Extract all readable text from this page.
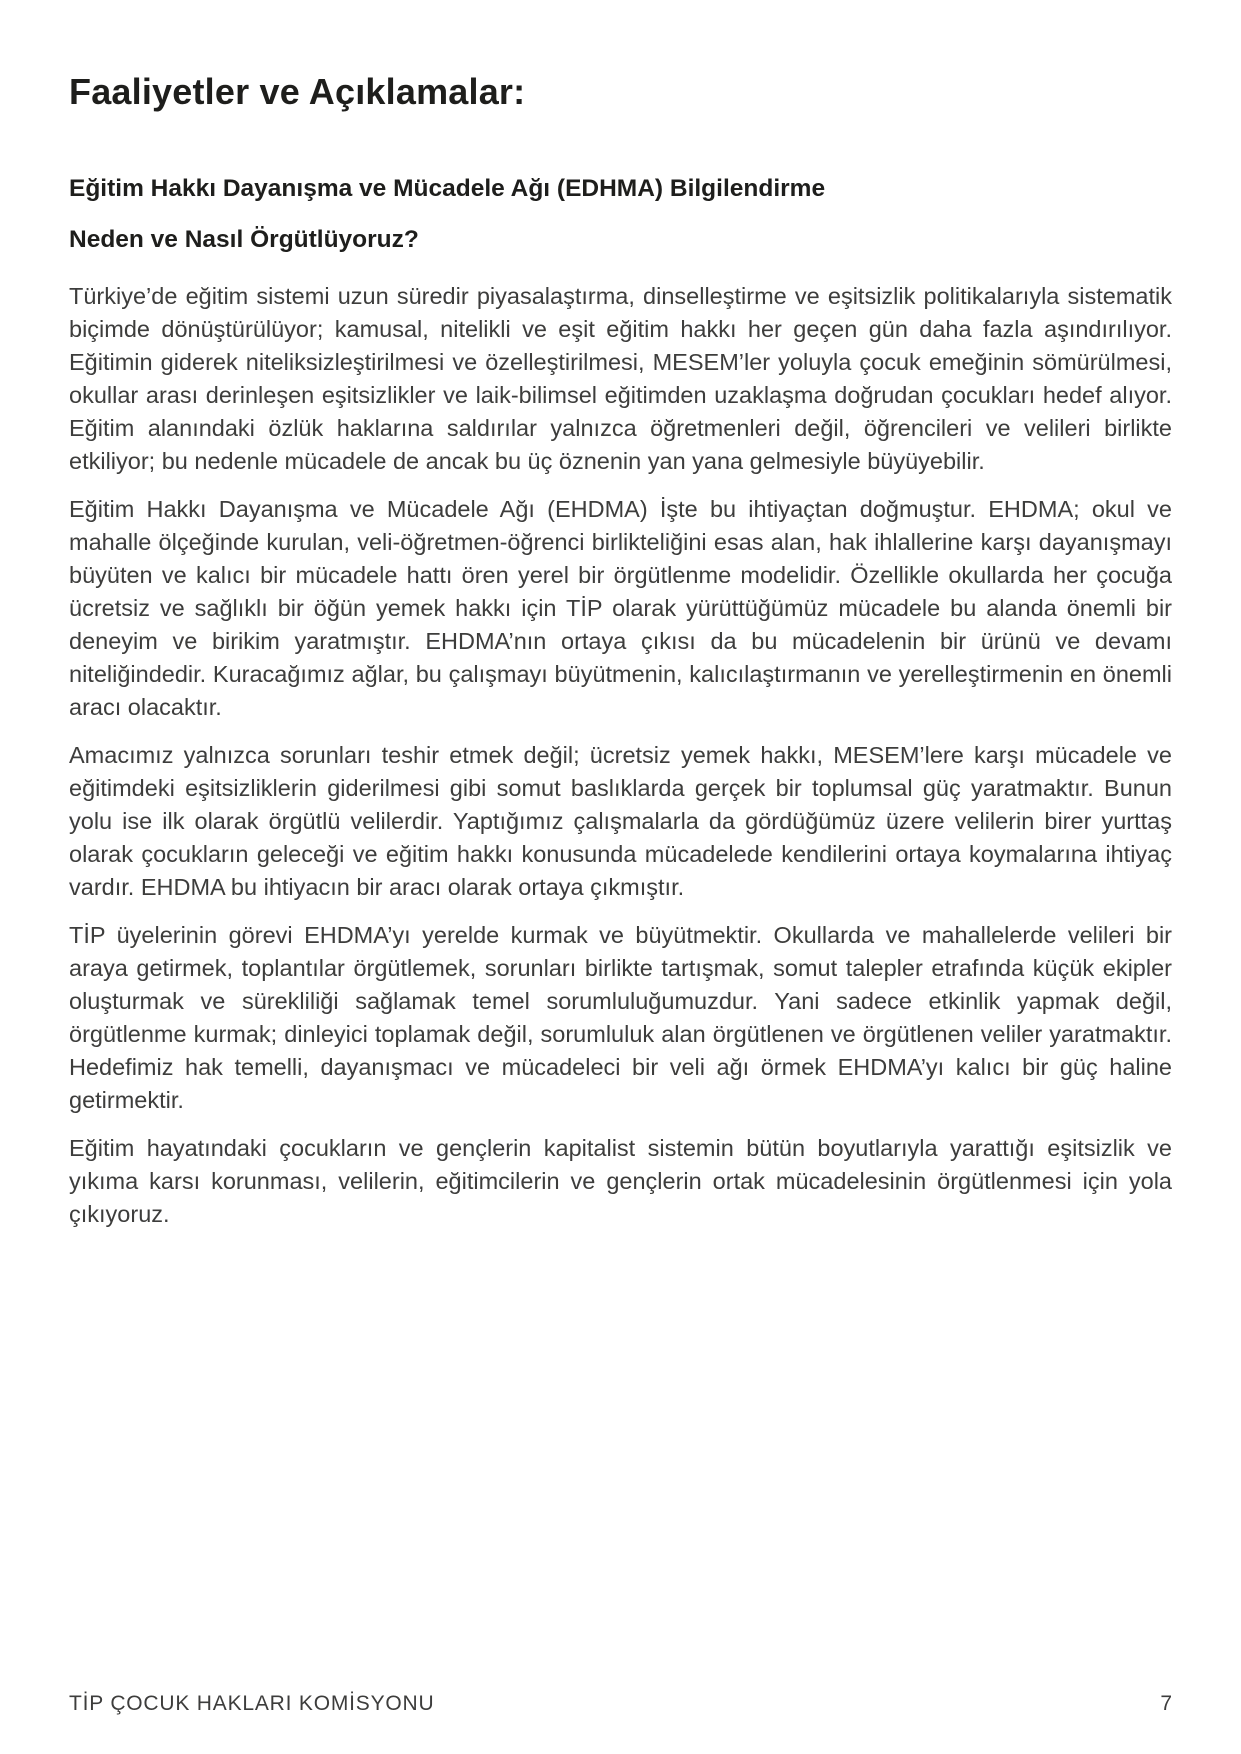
Faaliyetler ve Açıklamalar:
Eğitim Hakkı Dayanışma ve Mücadele Ağı (EDHMA) Bilgilendirme
Neden ve Nasıl Örgütlüyoruz?

Türkiye’de eğitim sistemi uzun süredir piyasalaştırma, dinselleştirme ve eşitsizlik politikalarıyla sistematik biçimde dönüştürülüyor; kamusal, nitelikli ve eşit eğitim hakkı her geçen gün daha fazla aşındırılıyor. Eğitimin giderek niteliksizleştirilmesi ve özelleştirilmesi, MESEM’ler yoluyla çocuk emeğinin sömürülmesi, okullar arası derinleşen eşitsizlikler ve laik-bilimsel eğitimden uzaklaşma doğrudan çocukları hedef alıyor. Eğitim alanındaki özlük haklarına saldırılar yalnızca öğretmenleri değil, öğrencileri ve velileri birlikte etkiliyor; bu nedenle mücadele de ancak bu üç öznenin yan yana gelmesiyle büyüyebilir.

Eğitim Hakkı Dayanışma ve Mücadele Ağı (EHDMA) İşte bu ihtiyaçtan doğmuştur. EHDMA; okul ve mahalle ölçeğinde kurulan, veli-öğretmen-öğrenci birlikteliğini esas alan, hak ihlallerine karşı dayanışmayı büyüten ve kalıcı bir mücadele hattı ören yerel bir örgütlenme modelidir. Özellikle okullarda her çocuğa ücretsiz ve sağlıklı bir öğün yemek hakkı için TİP olarak yürüttüğümüz mücadele bu alanda önemli bir deneyim ve birikim yaratmıştır. EHDMA’nın ortaya çıkısı da bu mücadelenin bir ürünü ve devamı niteliğindedir. Kuracağımız ağlar, bu çalışmayı büyütmenin, kalıcılaştırmanın ve yerelleştirmenin en önemli aracı olacaktır.

Amacımız yalnızca sorunları teshir etmek değil; ücretsiz yemek hakkı, MESEM’lere karşı mücadele ve eğitimdeki eşitsizliklerin giderilmesi gibi somut baslıklarda gerçek bir toplumsal güç yaratmaktır. Bunun yolu ise ilk olarak örgütlü velilerdir. Yaptığımız çalışmalarla da gördüğümüz üzere velilerin birer yurttaş olarak çocukların geleceği ve eğitim hakkı konusunda mücadelede kendilerini ortaya koymalarına ihtiyaç vardır. EHDMA bu ihtiyacın bir aracı olarak ortaya çıkmıştır.

TİP üyelerinin görevi EHDMA’yı yerelde kurmak ve büyütmektir. Okullarda ve mahallelerde velileri bir araya getirmek, toplantılar örgütlemek, sorunları birlikte tartışmak, somut talepler etrafında küçük ekipler oluşturmak ve sürekliliği sağlamak temel sorumluluğumuzdur. Yani sadece etkinlik yapmak değil, örgütlenme kurmak; dinleyici toplamak değil, sorumluluk alan örgütlenen ve örgütlenen veliler yaratmaktır. Hedefimiz hak temelli, dayanışmacı ve mücadeleci bir veli ağı örmek EHDMA’yı kalıcı bir güç haline getirmektir.

Eğitim hayatındaki çocukların ve gençlerin kapitalist sistemin bütün boyutlarıyla yarattığı eşitsizlik ve yıkıma karsı korunması, velilerin, eğitimcilerin ve gençlerin ortak mücadelesinin örgütlenmesi için yola çıkıyoruz.

TİP ÇOCUK HAKLARI KOMİSYONU	7
